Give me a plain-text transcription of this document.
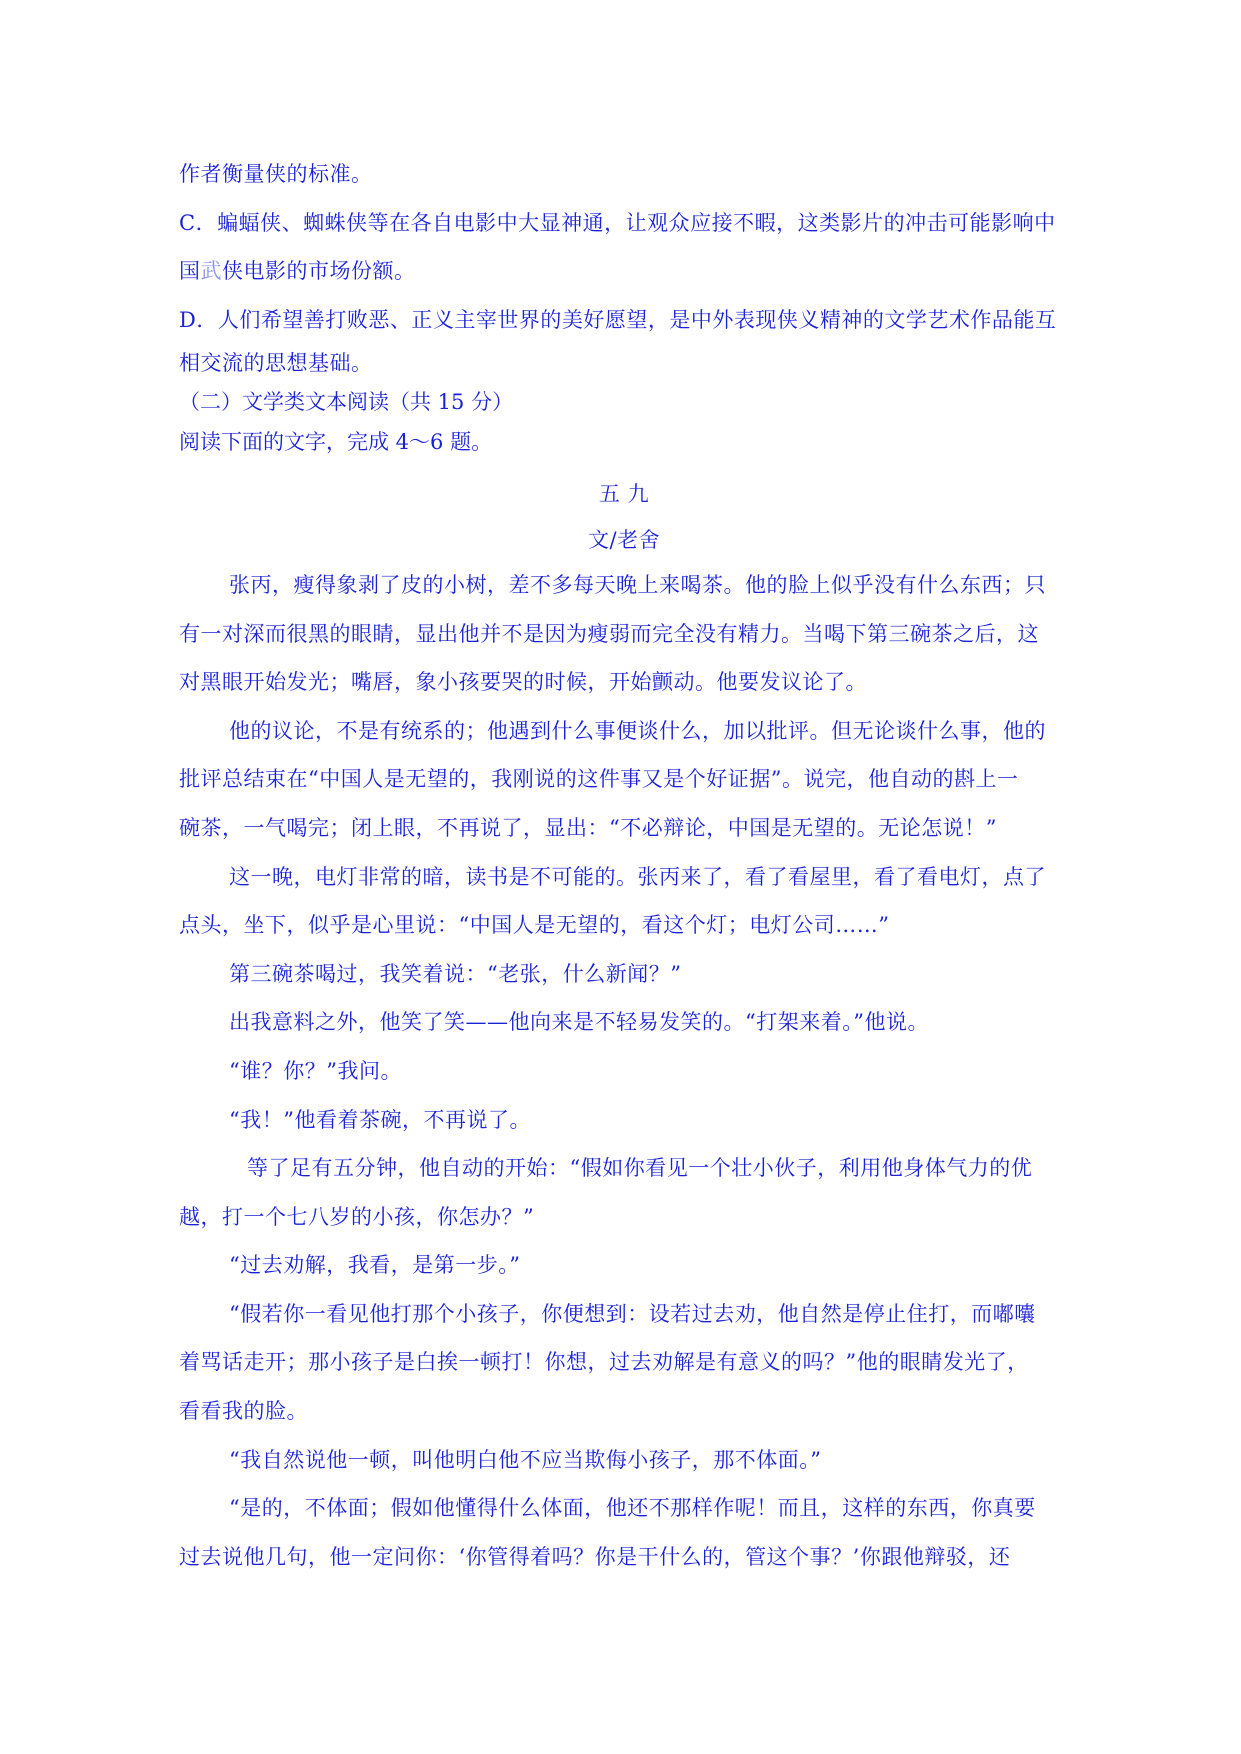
作者衡量侠的标准。
C．蝙蝠侠、蜘蛛侠等在各自电影中大显神通，让观众应接不暇，这类影片的冲击可能影响中
国武侠电影的市场份额。
D．人们希望善打败恶、正义主宰世界的美好愿望，是中外表现侠义精神的文学艺术作品能互
相交流的思想基础。
（二）文学类文本阅读（共 15 分）
阅读下面的文字，完成 4～6 题。
五 九
文/老舍
张丙，瘦得象剥了皮的小树，差不多每天晚上来喝茶。他的脸上似乎没有什么东西；只
有一对深而很黑的眼睛，显出他并不是因为瘦弱而完全没有精力。当喝下第三碗茶之后，这
对黑眼开始发光；嘴唇，象小孩要哭的时候，开始颤动。他要发议论了。
他的议论，不是有统系的；他遇到什么事便谈什么，加以批评。但无论谈什么事，他的
批评总结束在“中国人是无望的，我刚说的这件事又是个好证据”。说完，他自动的斟上一
碗茶，一气喝完；闭上眼，不再说了，显出：“不必辩论，中国是无望的。无论怎说！”
这一晚，电灯非常的暗，读书是不可能的。张丙来了，看了看屋里，看了看电灯，点了
点头，坐下，似乎是心里说：“中国人是无望的，看这个灯；电灯公司……”
第三碗茶喝过，我笑着说：“老张，什么新闻？”
出我意料之外，他笑了笑——他向来是不轻易发笑的。“打架来着。”他说。
“谁？你？”我问。
“我！”他看着茶碗，不再说了。
等了足有五分钟，他自动的开始：“假如你看见一个壮小伙子，利用他身体气力的优
越，打一个七八岁的小孩，你怎办？”
“过去劝解，我看，是第一步。”
“假若你一看见他打那个小孩子，你便想到：设若过去劝，他自然是停止住打，而嘟囔
着骂话走开；那小孩子是白挨一顿打！你想，过去劝解是有意义的吗？”他的眼睛发光了，
看看我的脸。
“我自然说他一顿，叫他明白他不应当欺侮小孩子，那不体面。”
“是的，不体面；假如他懂得什么体面，他还不那样作呢！而且，这样的东西，你真要
过去说他几句，他一定问你：‘你管得着吗？你是干什么的，管这个事？’你跟他辩驳，还
